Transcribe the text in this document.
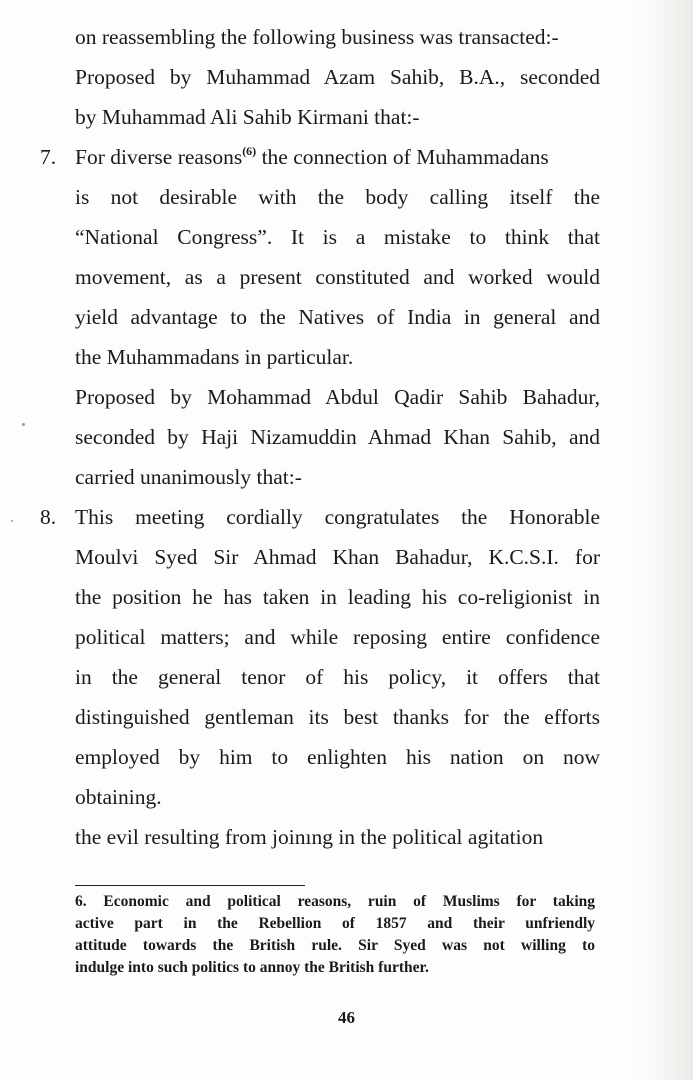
on reassembling the following business was transacted:-
Proposed by Muhammad Azam Sahib, B.A., seconded
by Muhammad Ali Sahib Kirmani that:-
7. For diverse reasons$^{(6)}$ the connection of Muhammadans
is not desirable with the body calling itself the
“National Congress”. It is a mistake to think that
movement, as a present constituted and worked would
yield advantage to the Natives of India in general and
the Muhammadans in particular.
Proposed by Mohammad Abdul Qadir Sahib Bahadur,
seconded by Haji Nizamuddin Ahmad Khan Sahib, and
carried unanimously that:-
8. This meeting cordially congratulates the Honorable
Moulvi Syed Sir Ahmad Khan Bahadur, K.C.S.I. for
the position he has taken in leading his co-religionist in
political matters; and while reposing entire confidence
in the general tenor of his policy, it offers that
distinguished gentleman its best thanks for the efforts
employed by him to enlighten his nation on now
obtaining.
the evil resulting from joinıng in the political agitation
6. Economic and political reasons, ruin of Muslims for taking
active part in the Rebellion of 1857 and their unfriendly
attitude towards the British rule. Sir Syed was not willing to
indulge into such politics to annoy the British further.
46
